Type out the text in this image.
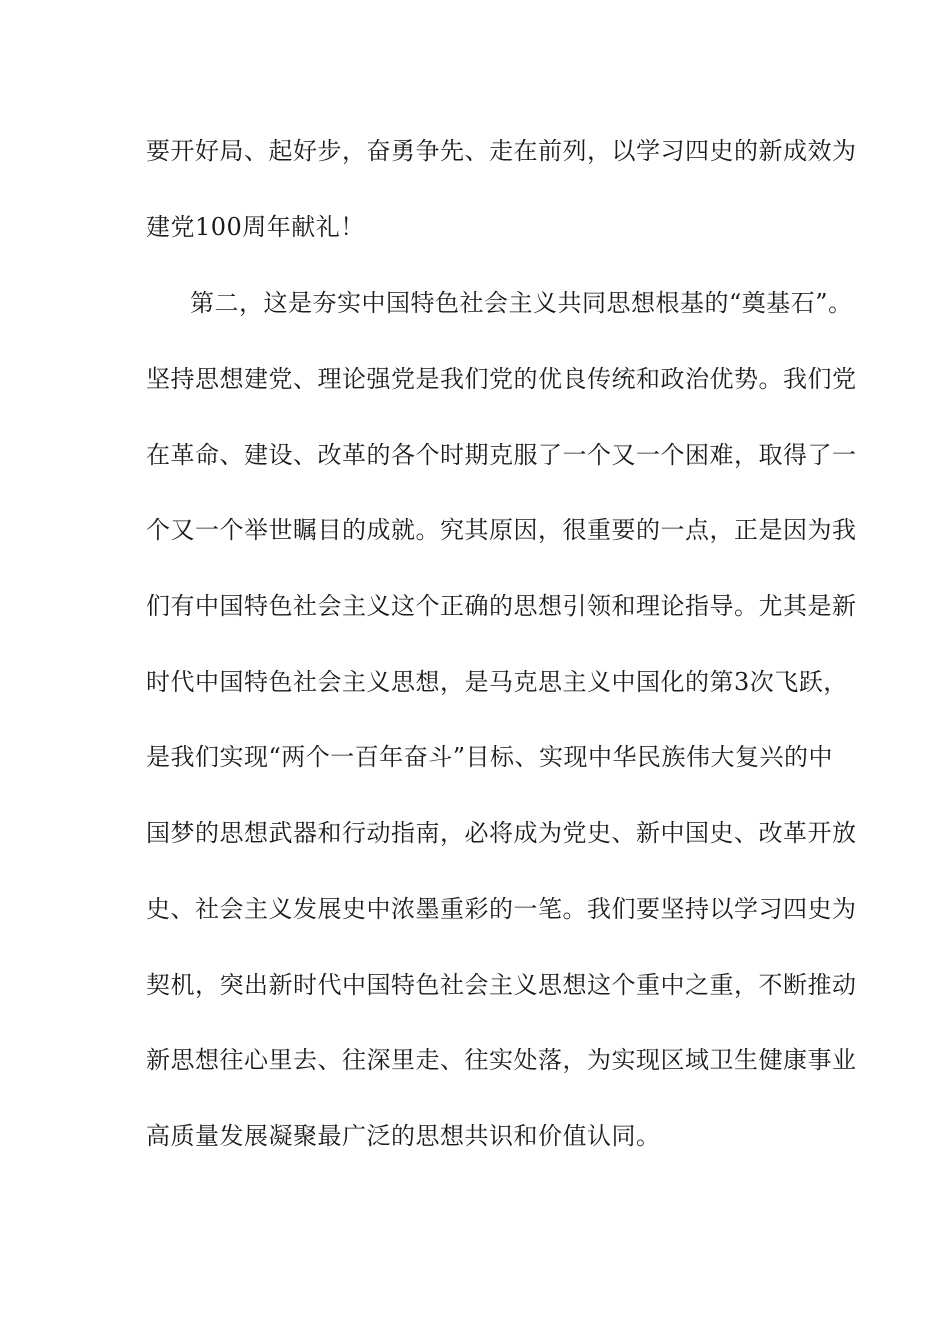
要开好局、起好步，奋勇争先、走在前列，以学习四史的新成效为

建党100周年献礼！

第二，这是夯实中国特色社会主义共同思想根基的“奠基石”。

坚持思想建党、理论强党是我们党的优良传统和政治优势。我们党

在革命、建设、改革的各个时期克服了一个又一个困难，取得了一

个又一个举世瞩目的成就。究其原因，很重要的一点，正是因为我

们有中国特色社会主义这个正确的思想引领和理论指导。尤其是新

时代中国特色社会主义思想，是马克思主义中国化的第3次飞跃，

是我们实现“两个一百年奋斗”目标、实现中华民族伟大复兴的中

国梦的思想武器和行动指南，必将成为党史、新中国史、改革开放

史、社会主义发展史中浓墨重彩的一笔。我们要坚持以学习四史为

契机，突出新时代中国特色社会主义思想这个重中之重，不断推动

新思想往心里去、往深里走、往实处落，为实现区域卫生健康事业

高质量发展凝聚最广泛的思想共识和价值认同。
